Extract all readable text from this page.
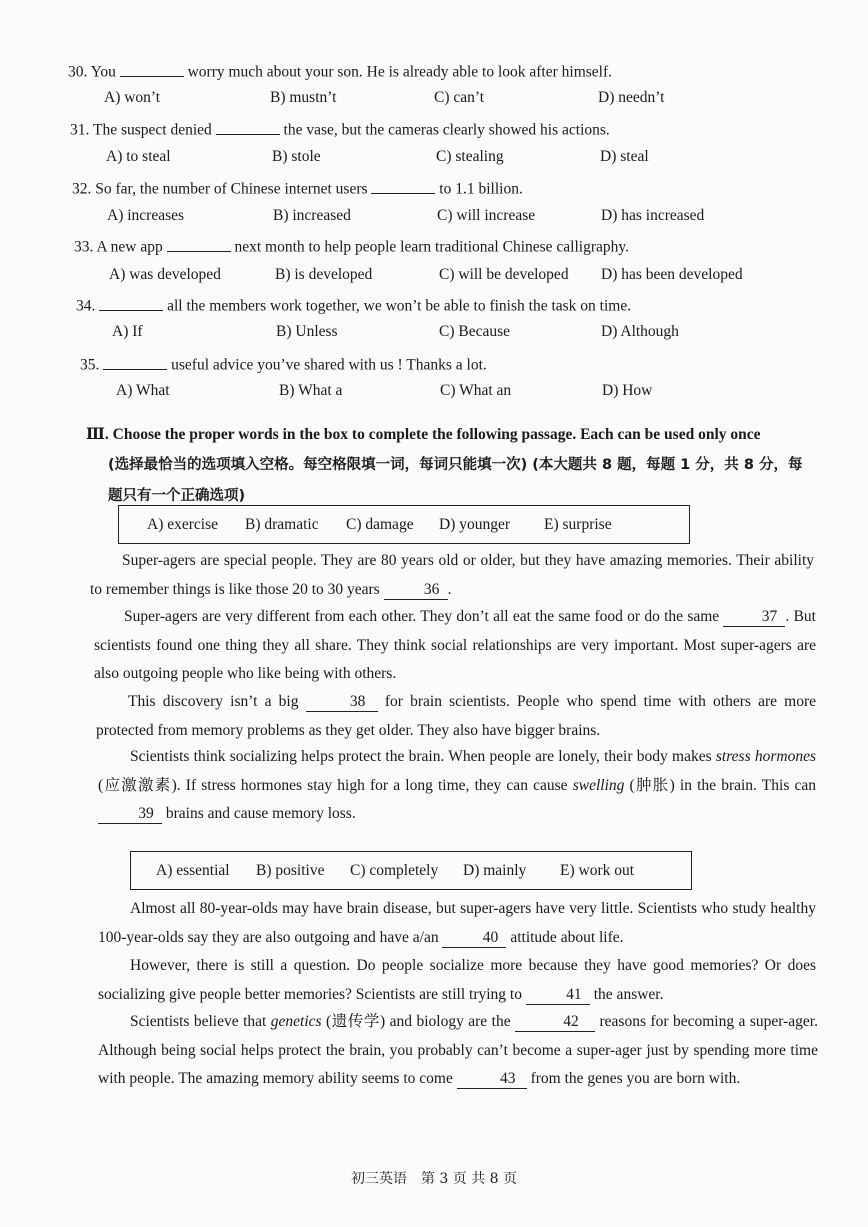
30. You	worry much about your son. He is already able to look after himself.
A) won’t	B) mustn’t	C) can’t	D) needn’t
31. The suspect denied	the vase, but the cameras clearly showed his actions.
A) to steal	B) stole	C) stealing	D) steal
32. So far, the number of Chinese internet users	to 1.1 billion.
A) increases	B) increased	C) will increase	D) has increased
33. A new app	next month to help people learn traditional Chinese calligraphy.
A) was developed	B) is developed	C) will be developed D) has been developed
34.	all the members work together, we won’t be able to finish the task on time.
A) If	B) Unless	C) Because	D) Although
35.	useful advice you’ve shared with us ! Thanks a lot.
A) What	B) What a	C) What an	D) How
Ⅲ. Choose the proper words in the box to complete the following passage. Each can be used only once
(选择最恰当的选项填入空格。每空格限填一词，每词只能填一次) (本大题共 8 题，每题 1 分，共 8 分，每题只有一个正确选项)
A) exercise B) dramatic C) damage D) younger E) surprise
Super-agers are special people. They are 80 years old or older, but they have amazing memories. Their ability to remember things is like those 20 to 30 years	36 .
Super-agers are very different from each other. They don’t all eat the same food or do the same	37 . But scientists found one thing they all share. They think social relationships are very important. Most super-agers are also outgoing people who like being with others.
This discovery isn’t a big	38 for brain scientists. People who spend time with others are more protected from memory problems as they get older. They also have bigger brains.
Scientists think socializing helps protect the brain. When people are lonely, their body makes stress hormones (应激激素). If stress hormones stay high for a long time, they can cause swelling (肿胀) in the brain. This can 39 brains and cause memory loss.
A) essential B) positive C) completely D) mainly E) work out
Almost all 80-year-olds may have brain disease, but super-agers have very little. Scientists who study healthy 100-year-olds say they are also outgoing and have a/an	40 attitude about life.
However, there is still a question. Do people socialize more because they have good memories? Or does socializing give people better memories? Scientists are still trying to	41 the answer.
Scientists believe that genetics (遗传学) and biology are the	42 reasons for becoming a super-ager. Although being social helps protect the brain, you probably can’t become a super-ager just by spending more time with people. The amazing memory ability seems to come	43 from the genes you are born with.
初三英语　第 3 页 共 8 页
